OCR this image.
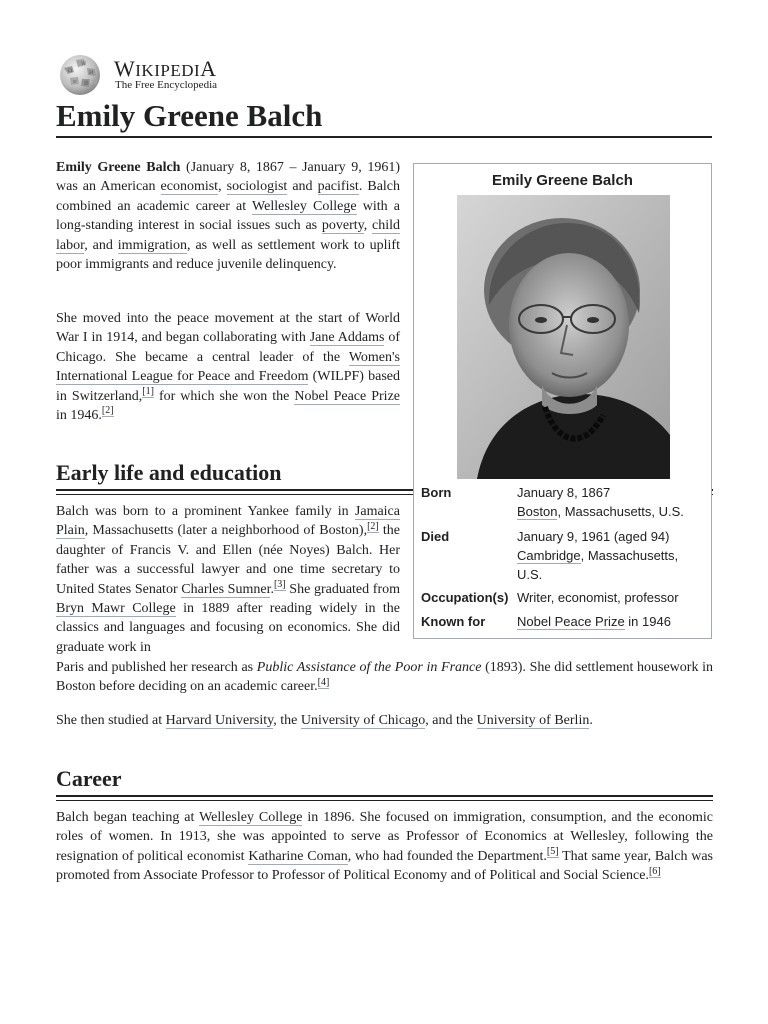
Ω
W
И
ש 維
WIKIPEDIA
The Free Encyclopedia
Emily Greene Balch

Emily Greene Balch (January 8, 1867 – January 9, 1961) was an American economist, sociologist and pacifist. Balch combined an academic career at Wellesley College with a long-standing interest in social issues such as poverty, child labor, and immigration, as well as settlement work to uplift poor immigrants and reduce juvenile delinquency.

She moved into the peace movement at the start of World War I in 1914, and began collaborating with Jane Addams of Chicago. She became a central leader of the Women's International League for Peace and Freedom (WILPF) based in Switzerland,[1] for which she won the Nobel Peace Prize in 1946.[2]

Early life and education

Balch was born to a prominent Yankee family in Jamaica Plain, Massachusetts (later a neighborhood of Boston),[2] the daughter of Francis V. and Ellen (née Noyes) Balch. Her father was a successful lawyer and one time secretary to United States Senator Charles Sumner.[3] She graduated from Bryn Mawr College in 1889 after reading widely in the classics and languages and focusing on economics. She did graduate work in

Paris and published her research as Public Assistance of the Poor in France (1893). She did settlement housework in Boston before deciding on an academic career.[4]

She then studied at Harvard University, the University of Chicago, and the University of Berlin.

Career

Balch began teaching at Wellesley College in 1896. She focused on immigration, consumption, and the economic roles of women. In 1913, she was appointed to serve as Professor of Economics at Wellesley, following the resignation of political economist Katharine Coman, who had founded the Department.[5] That same year, Balch was promoted from Associate Professor to Professor of Political Economy and of Political and Social Science.[6]

Emily Greene Balch
Born	January 8, 1867
Boston, Massachusetts, U.S.
Died	January 9, 1961 (aged 94)
Cambridge, Massachusetts, U.S.
Occupation(s) Writer, economist, professor
Known for Nobel Peace Prize in 1946
